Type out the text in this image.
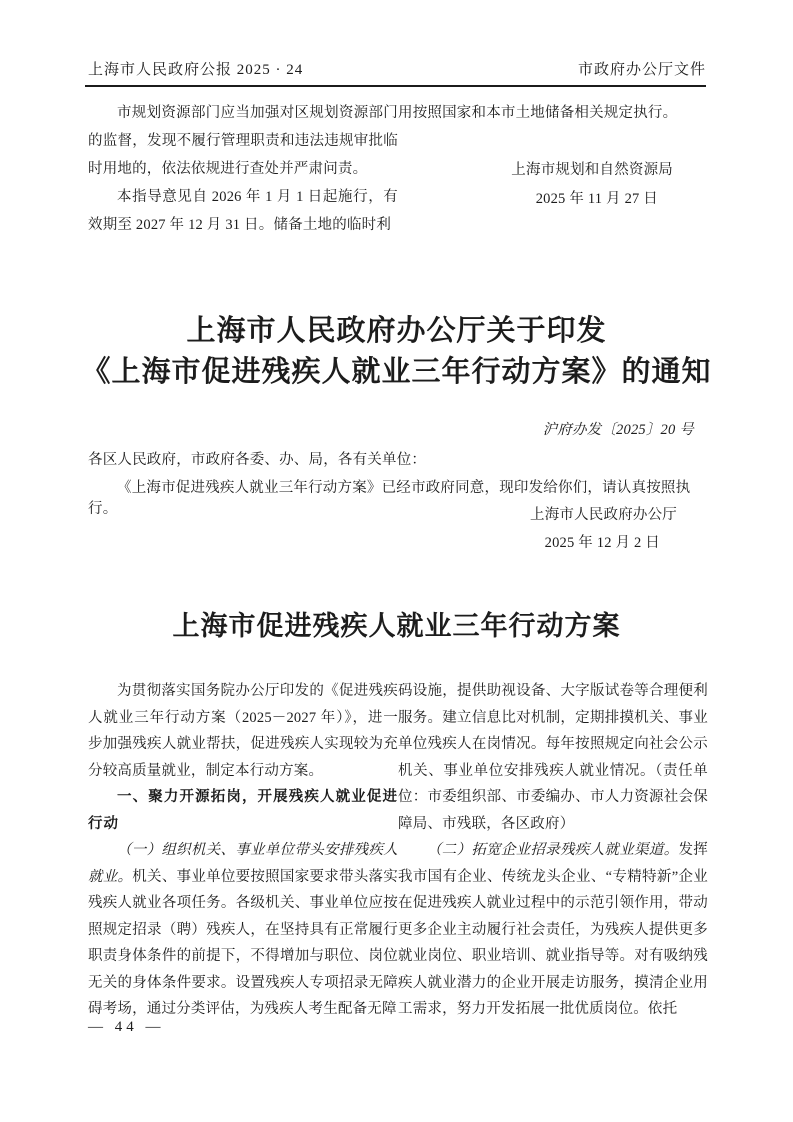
上海市人民政府公报 2025 · 24	市政府办公厅文件

市规划资源部门应当加强对区规划资源部门的监督，发现不履行管理职责和违法违规审批临时用地的，依法依规进行查处并严肃问责。

本指导意见自 2026 年 1 月 1 日起施行，有效期至 2027 年 12 月 31 日。储备土地的临时利

用按照国家和本市土地储备相关规定执行。

上海市规划和自然资源局
2025 年 11 月 27 日
上海市人民政府办公厅关于印发
《上海市促进残疾人就业三年行动方案》的通知
沪府办发〔2025〕20 号
各区人民政府，市政府各委、办、局，各有关单位：
《上海市促进残疾人就业三年行动方案》已经市政府同意，现印发给你们，请认真按照执行。	上海市人民政府办公厅
2025 年 12 月 2 日
上海市促进残疾人就业三年行动方案

为贯彻落实国务院办公厅印发的《促进残疾人就业三年行动方案（2025－2027 年）》，进一步加强残疾人就业帮扶，促进残疾人实现较为充分较高质量就业，制定本行动方案。

一、聚力开源拓岗，开展残疾人就业促进行动

（一）组织机关、事业单位带头安排残疾人就业。机关、事业单位要按照国家要求带头落实残疾人就业各项任务。各级机关、事业单位应按照规定招录（聘）残疾人，在坚持具有正常履行职责身体条件的前提下，不得增加与职位、岗位无关的身体条件要求。设置残疾人专项招录无障碍考场，通过分类评估，为残疾人考生配备无障

码设施，提供助视设备、大字版试卷等合理便利服务。建立信息比对机制，定期排摸机关、事业单位残疾人在岗情况。每年按照规定向社会公示机关、事业单位安排残疾人就业情况。（责任单位：市委组织部、市委编办、市人力资源社会保障局、市残联，各区政府）

（二）拓宽企业招录残疾人就业渠道。发挥我市国有企业、传统龙头企业、“专精特新”企业在促进残疾人就业过程中的示范引领作用，带动更多企业主动履行社会责任，为残疾人提供更多就业岗位、职业培训、就业指导等。对有吸纳残疾人就业潜力的企业开展走访服务，摸清企业用工需求，努力开发拓展一批优质岗位。依托

— 44 —
